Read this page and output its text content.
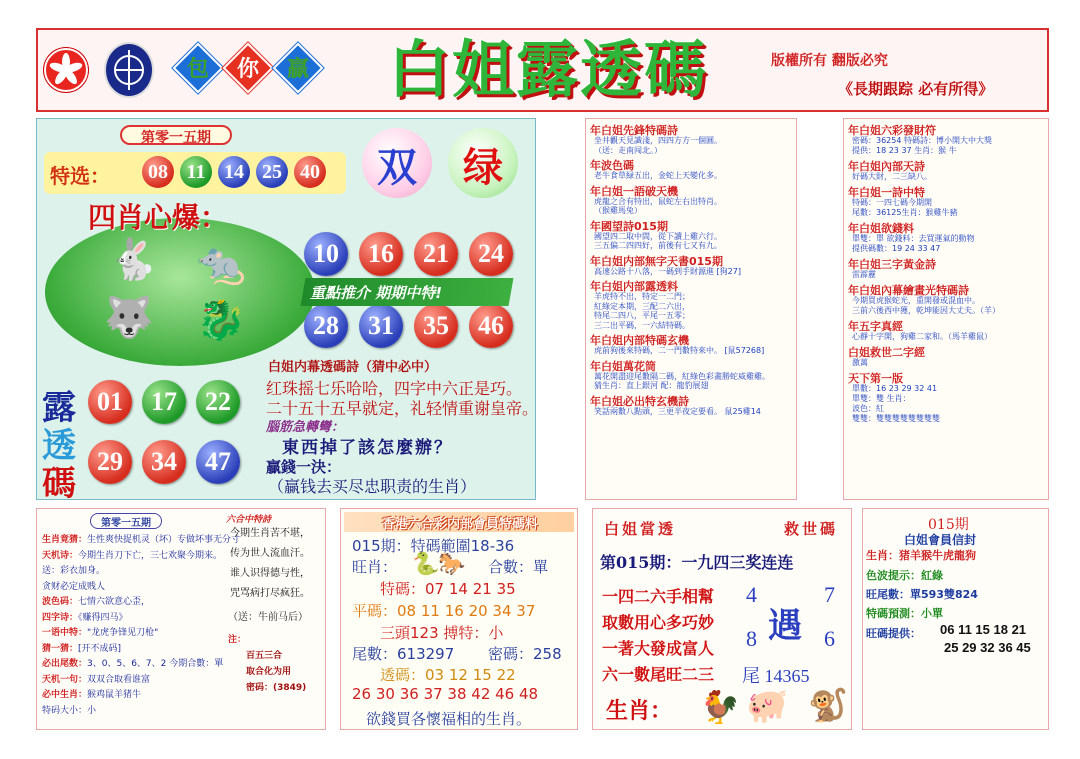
包	你	贏	白姐露透碼	版權所有 翻版必究
《長期跟踪 必有所得》
第零一五期
特选：	08 11 14 25 40	双	绿
四肖心爆：
🐇 🐀
🐺 🐉
10	16	21	24
28	31	35	46
重點推介 期期中特!
露
透
碼
01	17	22
29	34	47
白姐内幕透碼詩（猜中必中）
红珠摇七乐哈哈，四字中六正是巧。
二十五十五早就定，礼轻情重谢皇帝。
腦筋急轉彎：
東西掉了該怎麼辦？
贏錢一決：
（贏钱去买尽忠职责的生肖）
年白姐先鋒特碼詩
坐井觀天見識淺，四四方方一個圓。
（送：走南闯北。）
年波色碼
老牛食草緑五出，金蛇上天變化多。
年白姐一語破天機
虎龍之合有特出，鼠蛇左右出特肖。
（猴雞馬兔）
年國望詩015期
國望四二取中間，從下讀上雞六行。
三五偏二四四好，前後有七又有九。
年白姐内部無字天書015期
高速公路十八落，一碼到手財源進 [狗27]
年白姐内部露透料
羊虎特不出，特定一二門；
紅綠定本期，三配二六出，
特尾二四八，平尾一五零；
三二出平碼，一六結特碼。
年白姐内部特碼玄機
虎前狗後來特碼，二一門數特來中。 [鼠57268]
年白姐萬花筒
萬花開盡迎尾數隔二碼，紅綠色彩畫勝蛇威雞雞。
猜生肖：直上銀河 配：龍豹展翅
年白姐必出特玄機詩
笑話兩數八點頭，三更半夜定要看。 鼠25雞14
年白姐六彩發財符
密碼：36254 特碼詩：博小開大中大獎
提供：18 23 37 生肖：猴 牛
年白姐內部天詩
好碼大財，二三缺八。
年白姐一詩中特
特碼：一四七碼今期開
尾數：36125生肖：猴雞牛豬
年白姐欲錢料
單雙：單 欲錢料：去買運氣的動物
提供碼數：19 24 33 47
年白姐三字黃金詩
雷霹靂
年白姐內幕繪畫光特碼詩
今期買虎猴蛇光，重開發或混血中。
三前六後西中獲，乾坤能因大丈夫。（羊）
年五字真經
心靜十字開，狗雞二家和。（馬羊雞鼠）
白姐救世二字經
激萬
天下第一版
單數：16 23 29 32 41
單雙：雙 生肖：
波色：紅
雙雙：雙雙雙雙雙雙雙雙
第零一五期
生肖竟猜：生性爽快捉机灵（坏）专做坏事无分寸
天机诗：今期生肖刀下亡，三七欢聚今期来。
送：彩衣加身。
贪财必定成贱人
波色码：七情六欲意心歪，
四字诗：《赚得四马》
一语中特："龙虎争锋见刀枪"
猜一猜：[开不成码]
必出尾数：3、0、5、6、7、2 今期合數：單
天机一句：双双合取看谁富
必中生肖：猴鸡鼠羊猪牛
特码大小：小
六合中特詩
今期生肖苦不堪，
传为世人流血汗。
谁人识得德与性，
咒骂病打尽疯狂。
（送：牛前马后）
注：
百五三合
取合化为用
密码：(3849)
香港六合彩内部會員特碼料
015期：特碼範圍18-36
旺肖： 🐍
🐎 合數：單
特碼：07 14 21 35
平碼：08 11 16 20 34 37
三頭123 搏特：小
尾數：613297 密碼：258
透碼：03 12 15 22
26 30 36 37 38 42 46 48
欲錢買各懷福相的生肖。
白姐當透	救世碼
第015期：一九四三奖连连
一四二六手相幫
取數用心多巧妙
一著大發成富人
六一數尾旺二三
遇
4	7
8	6
尾 14365
生肖： 🐓 🐖 🐒
015期
白姐會員信封
生肖：猪羊猴牛虎龍狗
色波提示：紅綠
旺尾數：單593雙824
特碼預測：小單
旺碼提供： 06 11 15 18 21
25 29 32 36 45
